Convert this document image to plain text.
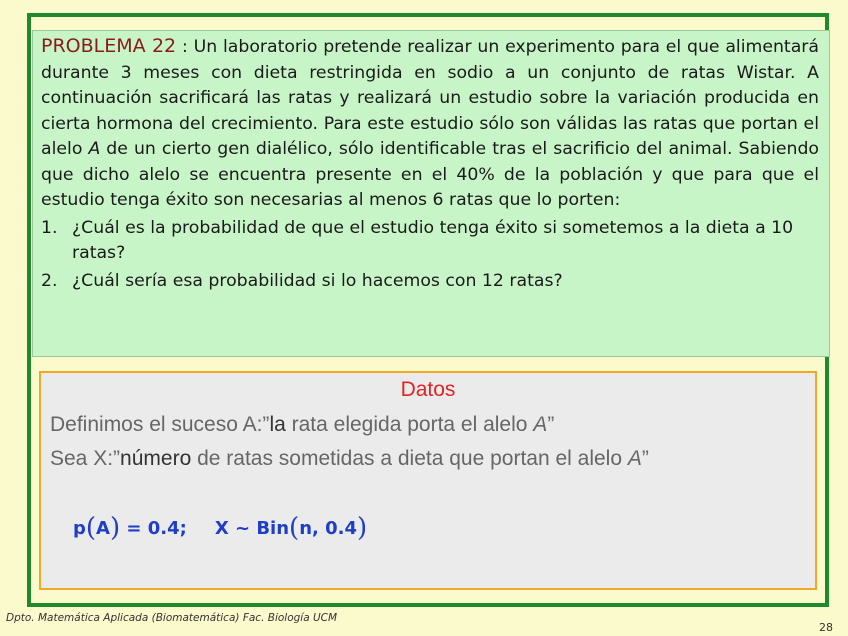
PROBLEMA 22 : Un laboratorio pretende realizar un experimento para el que alimentará durante 3 meses con dieta restringida en sodio a un conjunto de ratas Wistar. A continuación sacrificará las ratas y realizará un estudio sobre la variación producida en cierta hormona del crecimiento. Para este estudio sólo son válidas las ratas que portan el alelo A de un cierto gen dialélico, sólo identificable tras el sacrificio del animal. Sabiendo que dicho alelo se encuentra presente en el 40% de la población y que para que el estudio tenga éxito son necesarias al menos 6 ratas que lo porten:

1. ¿Cuál es la probabilidad de que el estudio tenga éxito si sometemos a la dieta a 10 ratas?
2. ¿Cuál sería esa probabilidad si lo hacemos con 12 ratas?
Datos
Definimos el suceso A:”la rata elegida porta el alelo A”
Sea X:”número de ratas sometidas a dieta que portan el alelo A”
p(A) = 0.4; X ~ Bin(n, 0.4)
Dpto. Matemática Aplicada (Biomatemática) Fac. Biología UCM
28
